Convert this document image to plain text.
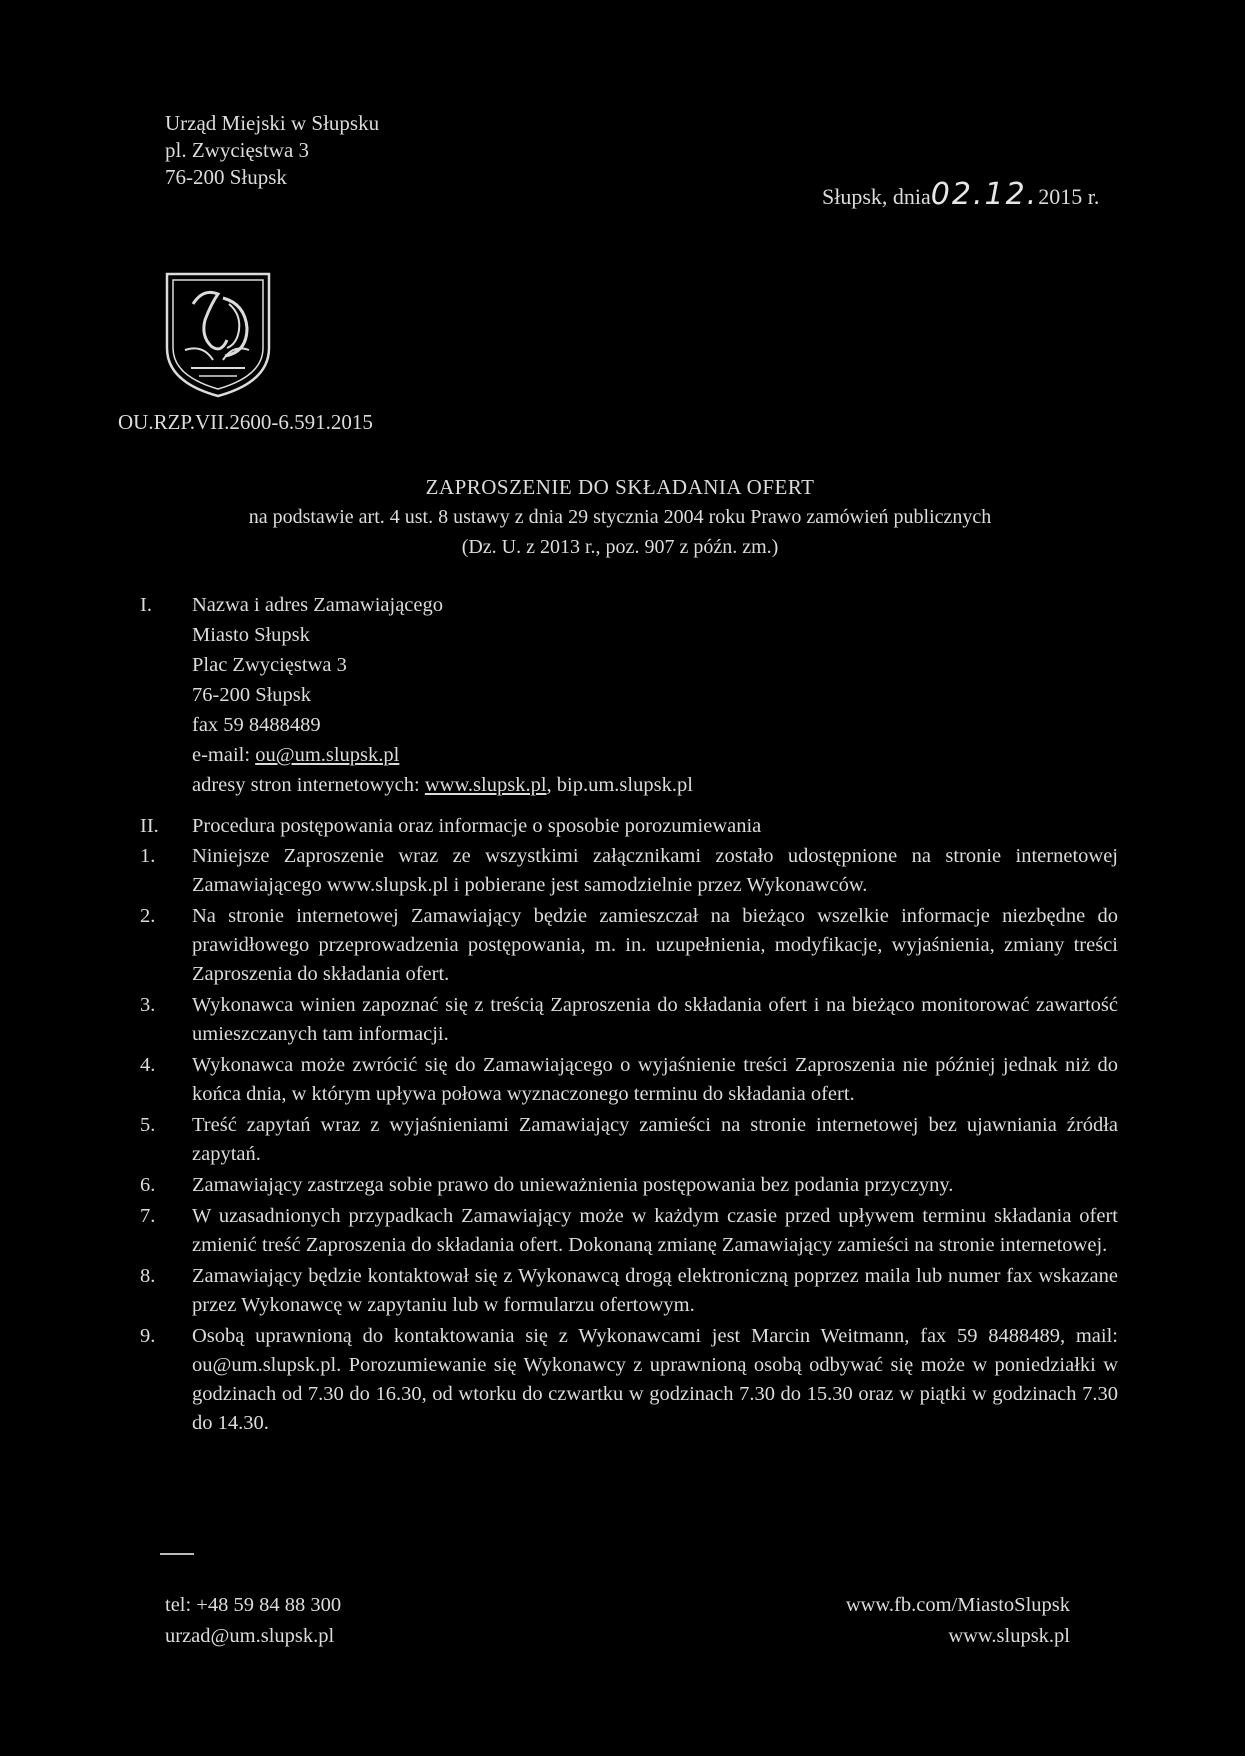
Urząd Miejski w Słupsku
pl. Zwycięstwa 3
76-200 Słupsk
Słupsk, dnia02.12.2015 r.
OU.RZP.VII.2600-6.591.2015
ZAPROSZENIE DO SKŁADANIA OFERT
na podstawie art. 4 ust. 8 ustawy z dnia 29 stycznia 2004 roku Prawo zamówień publicznych
(Dz. U. z 2013 r., poz. 907 z późn. zm.)
I.	Nazwa i adres Zamawiającego
Miasto Słupsk
Plac Zwycięstwa 3
76-200 Słupsk
fax 59 8488489
e-mail: ou@um.slupsk.pl
adresy stron internetowych: www.slupsk.pl, bip.um.slupsk.pl
II.	Procedura postępowania oraz informacje o sposobie porozumiewania
1.	Niniejsze Zaproszenie wraz ze wszystkimi załącznikami zostało udostępnione na stronie internetowej Zamawiającego www.slupsk.pl i pobierane jest samodzielnie przez Wykonawców.
2.	Na stronie internetowej Zamawiający będzie zamieszczał na bieżąco wszelkie informacje niezbędne do prawidłowego przeprowadzenia postępowania, m. in. uzupełnienia, modyfikacje, wyjaśnienia, zmiany treści Zaproszenia do składania ofert.
3.	Wykonawca winien zapoznać się z treścią Zaproszenia do składania ofert i na bieżąco monitorować zawartość umieszczanych tam informacji.
4.	Wykonawca może zwrócić się do Zamawiającego o wyjaśnienie treści Zaproszenia nie później jednak niż do końca dnia, w którym upływa połowa wyznaczonego terminu do składania ofert.
5.	Treść zapytań wraz z wyjaśnieniami Zamawiający zamieści na stronie internetowej bez ujawniania źródła zapytań.
6.	Zamawiający zastrzega sobie prawo do unieważnienia postępowania bez podania przyczyny.
7.	W uzasadnionych przypadkach Zamawiający może w każdym czasie przed upływem terminu składania ofert zmienić treść Zaproszenia do składania ofert. Dokonaną zmianę Zamawiający zamieści na stronie internetowej.
8.	Zamawiający będzie kontaktował się z Wykonawcą drogą elektroniczną poprzez maila lub numer fax wskazane przez Wykonawcę w zapytaniu lub w formularzu ofertowym.
9.	Osobą uprawnioną do kontaktowania się z Wykonawcami jest Marcin Weitmann, fax 59 8488489, mail: ou@um.slupsk.pl. Porozumiewanie się Wykonawcy z uprawnioną osobą odbywać się może w poniedziałki w godzinach od 7.30 do 16.30, od wtorku do czwartku w godzinach 7.30 do 15.30 oraz w piątki w godzinach 7.30 do 14.30.
tel: +48 59 84 88 300
urzad@um.slupsk.pl
www.fb.com/MiastoSlupsk
www.slupsk.pl
